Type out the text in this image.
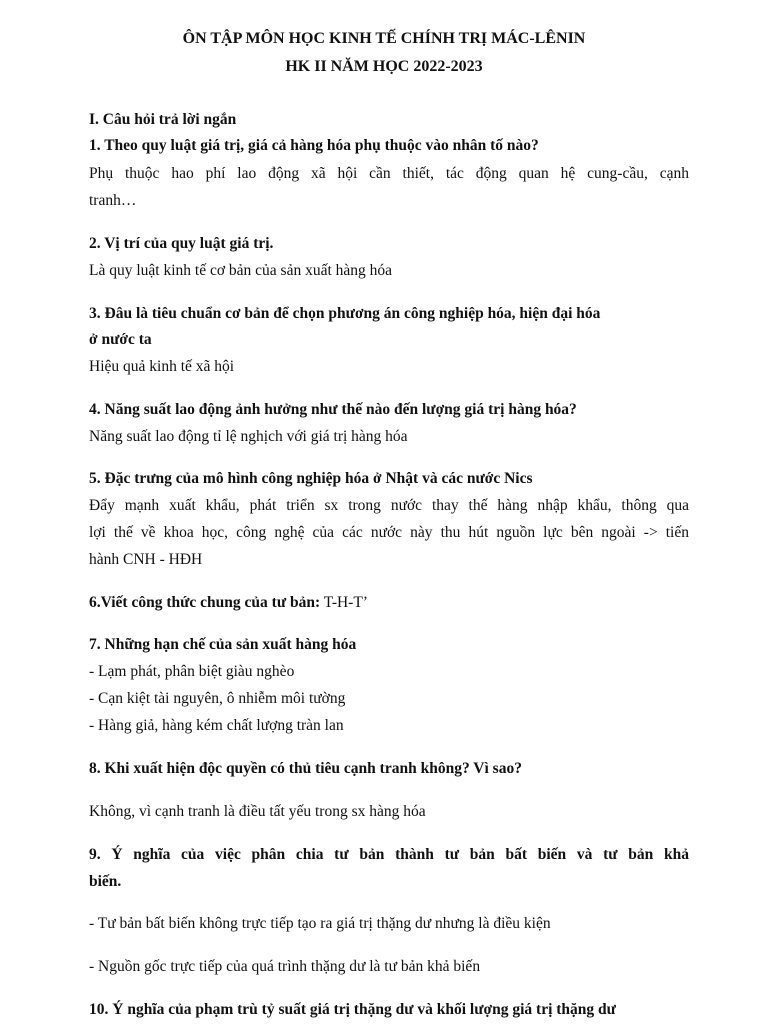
ÔN TẬP MÔN HỌC KINH TẾ CHÍNH TRỊ MÁC-LÊNIN
HK II NĂM HỌC 2022-2023
I. Câu hỏi trả lời ngắn
1. Theo quy luật giá trị, giá cả hàng hóa phụ thuộc vào nhân tố nào?
Phụ thuộc hao phí lao động xã hội cần thiết, tác động quan hệ cung-cầu, cạnh
tranh…
2. Vị trí của quy luật giá trị.
Là quy luật kinh tế cơ bản của sản xuất hàng hóa
3. Đâu là tiêu chuẩn cơ bản để chọn phương án công nghiệp hóa, hiện đại hóa
ở nước ta
Hiệu quả kinh tế xã hội
4. Năng suất lao động ảnh hưởng như thế nào đến lượng giá trị hàng hóa?
Năng suất lao động tỉ lệ nghịch với giá trị hàng hóa
5. Đặc trưng của mô hình công nghiệp hóa ở Nhật và các nước Nics
Đẩy mạnh xuất khẩu, phát triển sx trong nước thay thế hàng nhập khẩu, thông qua
lợi thế về khoa học, công nghệ của các nước này thu hút nguồn lực bên ngoài -> tiến
hành CNH - HĐH
6.Viết công thức chung của tư bản: T-H-T’
7. Những hạn chế của sản xuất hàng hóa
- Lạm phát, phân biệt giàu nghèo
- Cạn kiệt tài nguyên, ô nhiễm môi tường
- Hàng giả, hàng kém chất lượng tràn lan
8. Khi xuất hiện độc quyền có thủ tiêu cạnh tranh không? Vì sao?
Không, vì cạnh tranh là điều tất yếu trong sx hàng hóa
9. Ý nghĩa của việc phân chia tư bản thành tư bản bất biến và tư bản khả
biến.
- Tư bản bất biến không trực tiếp tạo ra giá trị thặng dư nhưng là điều kiện
- Nguồn gốc trực tiếp của quá trình thặng dư là tư bản khả biến
10. Ý nghĩa của phạm trù tỷ suất giá trị thặng dư và khối lượng giá trị thặng dư
